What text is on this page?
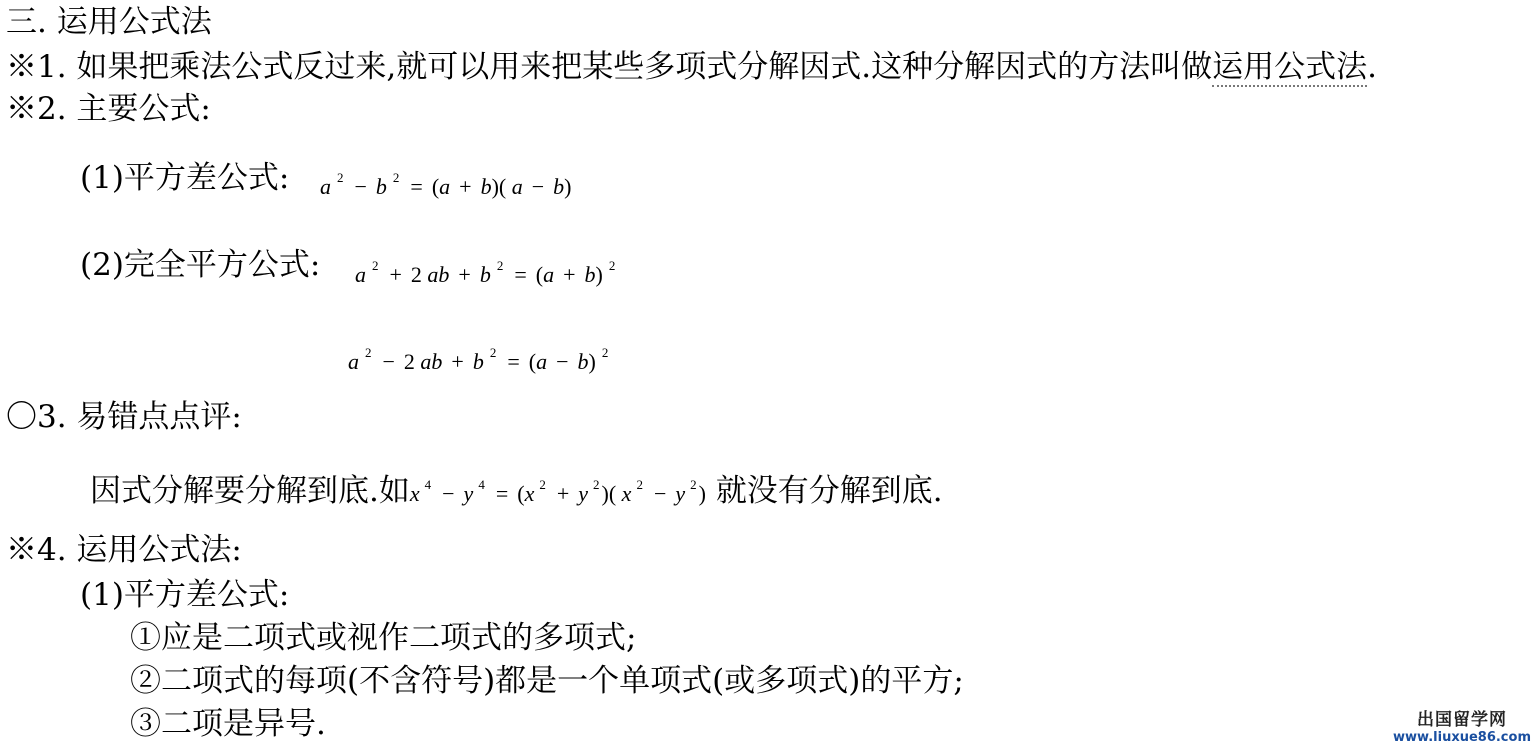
三. 运用公式法
※1. 如果把乘法公式反过来,就可以用来把某些多项式分解因式.这种分解因式的方法叫做运用公式法.
※2. 主要公式:
(1)平方差公式: a $^2$ − b $^2$ = (a + b)( a − b)
(2)完全平方公式: a $^2$ + 2 ab + b $^2$ = (a + b) $^2$
a $^2$ − 2 ab + b $^2$ = (a − b) $^2$
〇3. 易错点点评:
因式分解要分解到底.如x $^4$ − y $^4$ = (x $^2$ + y $^2$)( x $^2$ − y $^2$) 就没有分解到底.
※4. 运用公式法:
(1)平方差公式:
①应是二项式或视作二项式的多项式;
②二项式的每项(不含符号)都是一个单项式(或多项式)的平方;
③二项是异号.	出国留学网
www.liuxue86.com
